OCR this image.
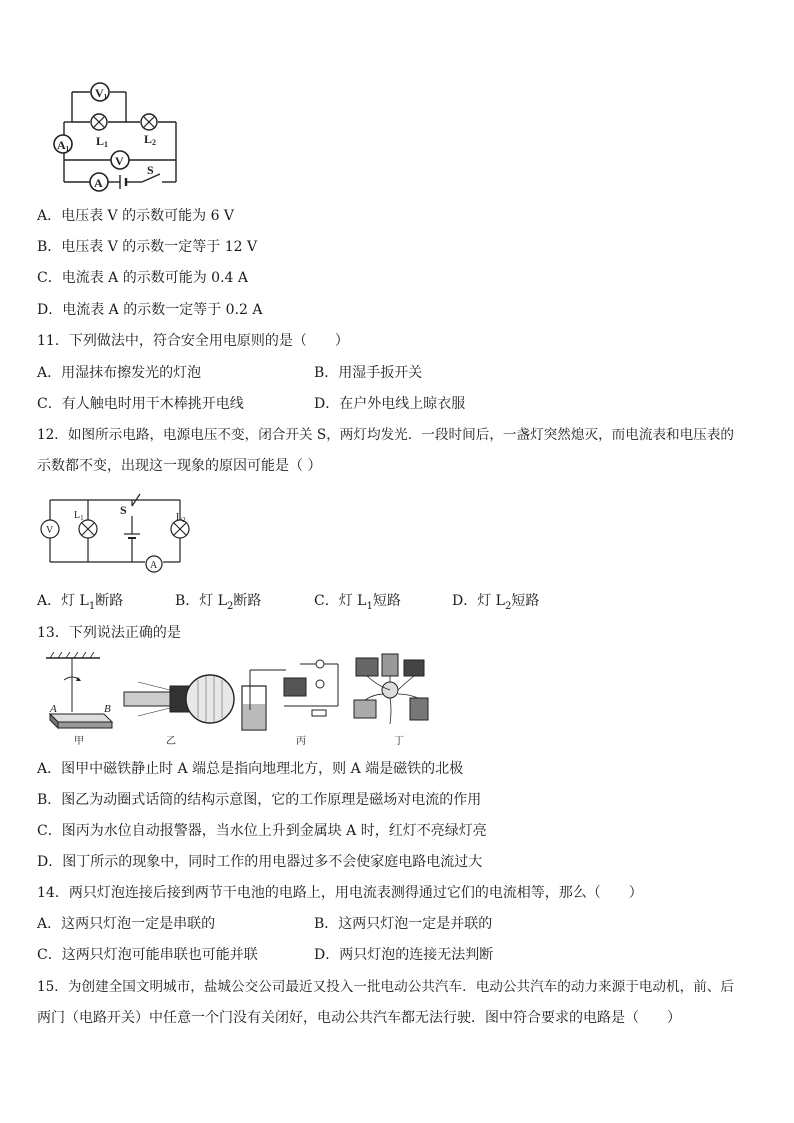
V1
L1	L2
A1
V
A
S
A．电压表 V 的示数可能为 6 V
B．电压表 V 的示数一定等于 12 V
C．电流表 A 的示数可能为 0.4 A
D．电流表 A 的示数一定等于 0.2 A
11．下列做法中，符合安全用电原则的是（　　）
A．用湿抹布擦发光的灯泡	B．用湿手扳开关
C．有人触电时用干木棒挑开电线	D．在户外电线上晾衣服
12．如图所示电路，电源电压不变，闭合开关 S，两灯均发光．一段时间后，一盏灯突然熄灭，而电流表和电压表的
示数都不变，出现这一现象的原因可能是（ ）
V
$L_1$
S
$L_2$
A
A．灯 $L_1$断路	B．灯 $L_2$断路	C．灯 $L_1$短路	D．灯 $L_2$短路
13．下列说法正确的是
A	B
甲	乙	丙	丁
A．图甲中磁铁静止时 A 端总是指向地理北方，则 A 端是磁铁的北极
B．图乙为动圈式话筒的结构示意图，它的工作原理是磁场对电流的作用
C．图丙为水位自动报警器，当水位上升到金属块 A 时，红灯不亮绿灯亮
D．图丁所示的现象中，同时工作的用电器过多不会使家庭电路电流过大
14．两只灯泡连接后接到两节干电池的电路上，用电流表测得通过它们的电流相等，那么（　　）
A．这两只灯泡一定是串联的	B．这两只灯泡一定是并联的
C．这两只灯泡可能串联也可能并联	D．两只灯泡的连接无法判断
15．为创建全国文明城市，盐城公交公司最近又投入一批电动公共汽车．电动公共汽车的动力来源于电动机，前、后
两门（电路开关）中任意一个门没有关闭好，电动公共汽车都无法行驶．图中符合要求的电路是（　　）
